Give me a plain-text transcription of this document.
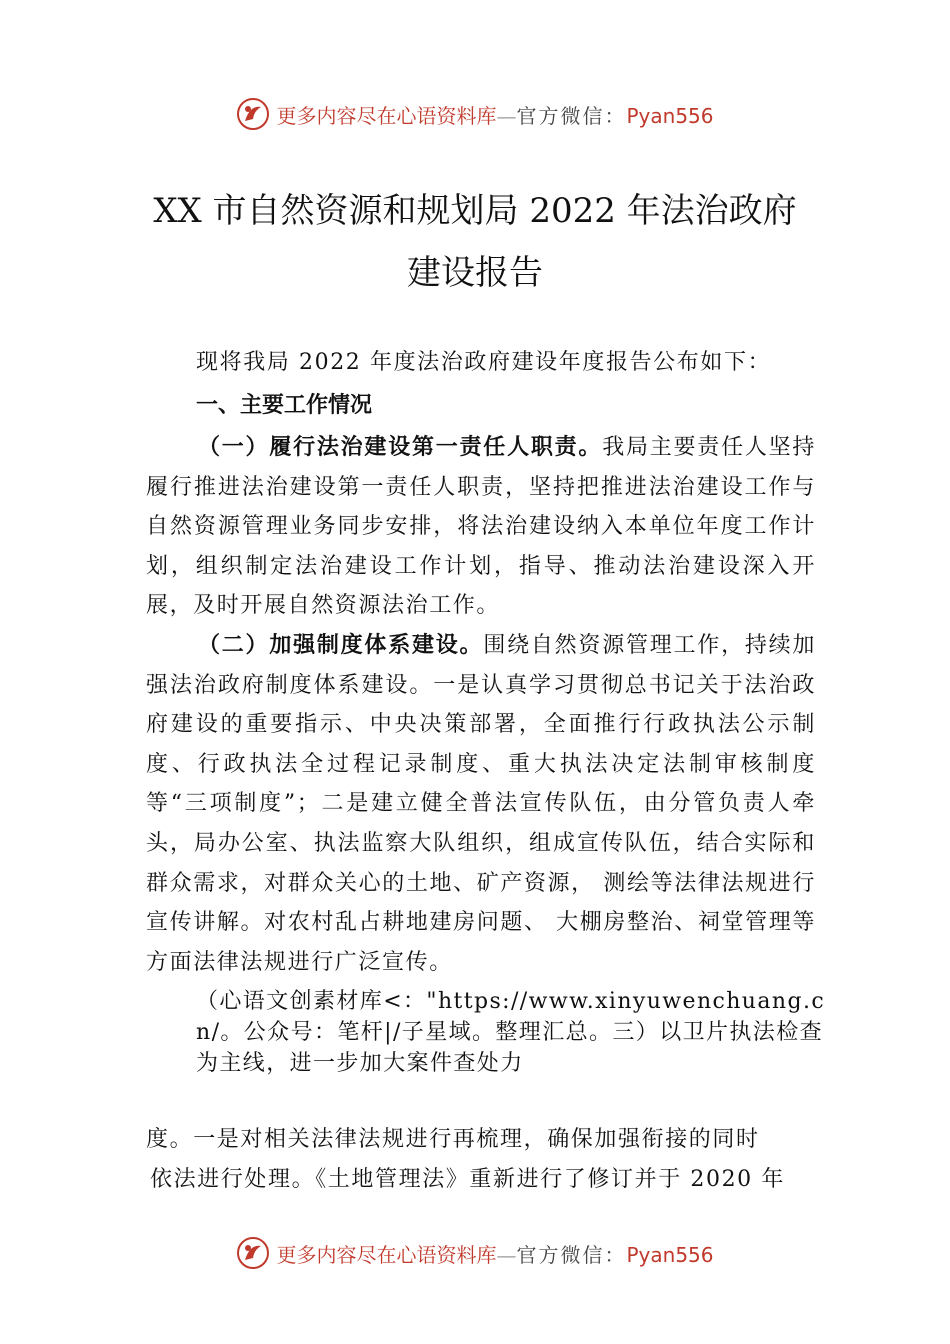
更多内容尽在心语资料库—官方微信：Pyan556
XX 市自然资源和规划局 2022 年法治政府
建设报告
现将我局 2022 年度法治政府建设年度报告公布如下：
一、主要工作情况
（一）履行法治建设第一责任人职责。我局主要责任人坚持履行推进法治建设第一责任人职责，坚持把推进法治建设工作与自然资源管理业务同步安排，将法治建设纳入本单位年度工作计划，组织制定法治建设工作计划，指导、推动法治建设深入开展，及时开展自然资源法治工作。
（二）加强制度体系建设。围绕自然资源管理工作，持续加强法治政府制度体系建设。一是认真学习贯彻总书记关于法治政府建设的重要指示、中央决策部署，全面推行行政执法公示制度、行政执法全过程记录制度、重大执法决定法制审核制度等“三项制度”；二是建立健全普法宣传队伍，由分管负责人牵头，局办公室、执法监察大队组织，组成宣传队伍，结合实际和群众需求，对群众关心的土地、矿产资源， 测绘等法律法规进行宣传讲解。对农村乱占耕地建房问题、 大棚房整治、祠堂管理等方面法律法规进行广泛宣传。
（心语文创素材库<："https://www.xinyuwenchuang.cn/。公众号：笔杆|/子星域。整理汇总。三）以卫片执法检查为主线，进一步加大案件查处力
度。一是对相关法律法规进行再梳理，确保加强衔接的同时
依法进行处理。《土地管理法》重新进行了修订并于 2020 年
更多内容尽在心语资料库—官方微信：Pyan556
